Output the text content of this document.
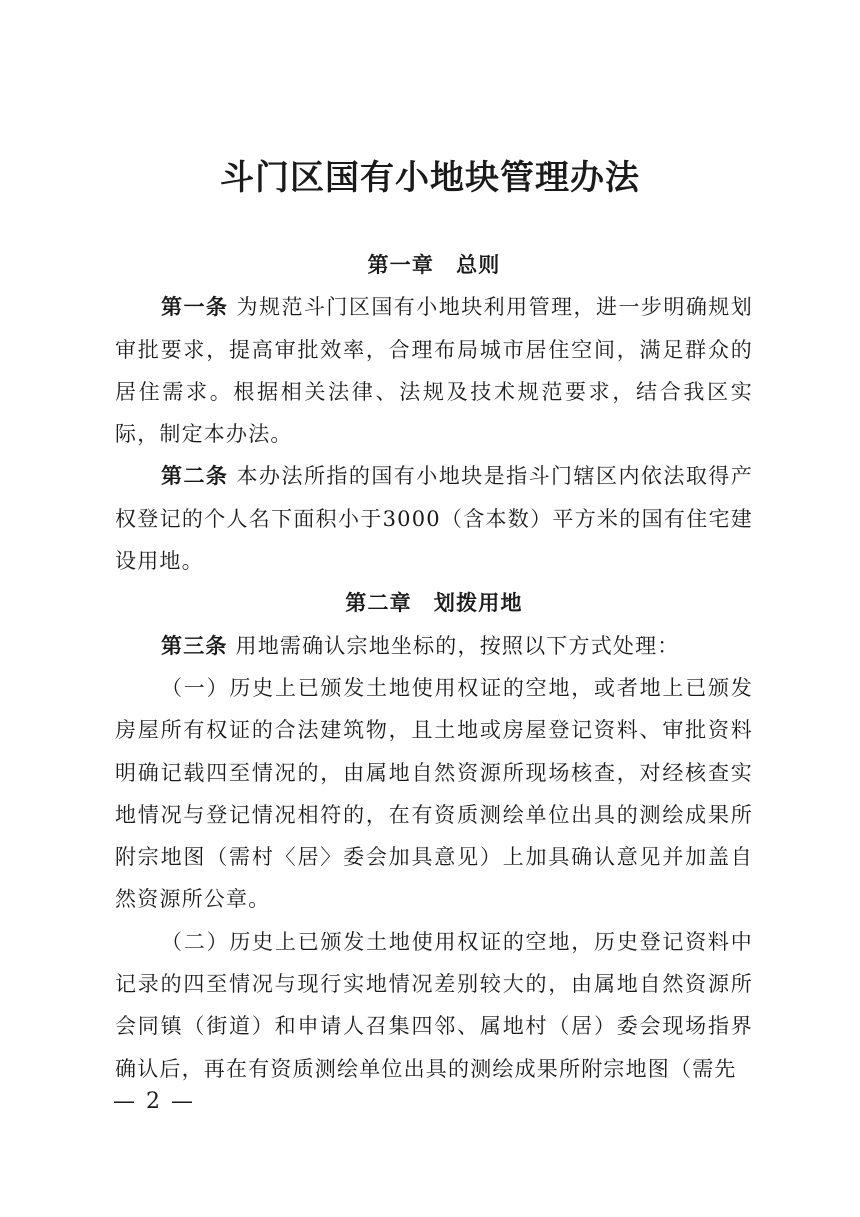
斗门区国有小地块管理办法
第一章 总则

第一条 为规范斗门区国有小地块利用管理，进一步明确规划审批要求，提高审批效率，合理布局城市居住空间，满足群众的居住需求。根据相关法律、法规及技术规范要求，结合我区实际，制定本办法。

第二条 本办法所指的国有小地块是指斗门辖区内依法取得产权登记的个人名下面积小于3000（含本数）平方米的国有住宅建设用地。

第二章 划拨用地

第三条 用地需确认宗地坐标的，按照以下方式处理：

（一）历史上已颁发土地使用权证的空地，或者地上已颁发房屋所有权证的合法建筑物，且土地或房屋登记资料、审批资料明确记载四至情况的，由属地自然资源所现场核查，对经核查实地情况与登记情况相符的，在有资质测绘单位出具的测绘成果所附宗地图（需村〈居〉委会加具意见）上加具确认意见并加盖自然资源所公章。

（二）历史上已颁发土地使用权证的空地，历史登记资料中记录的四至情况与现行实地情况差别较大的，由属地自然资源所会同镇（街道）和申请人召集四邻、属地村（居）委会现场指界确认后，再在有资质测绘单位出具的测绘成果所附宗地图（需先

— 2 —
